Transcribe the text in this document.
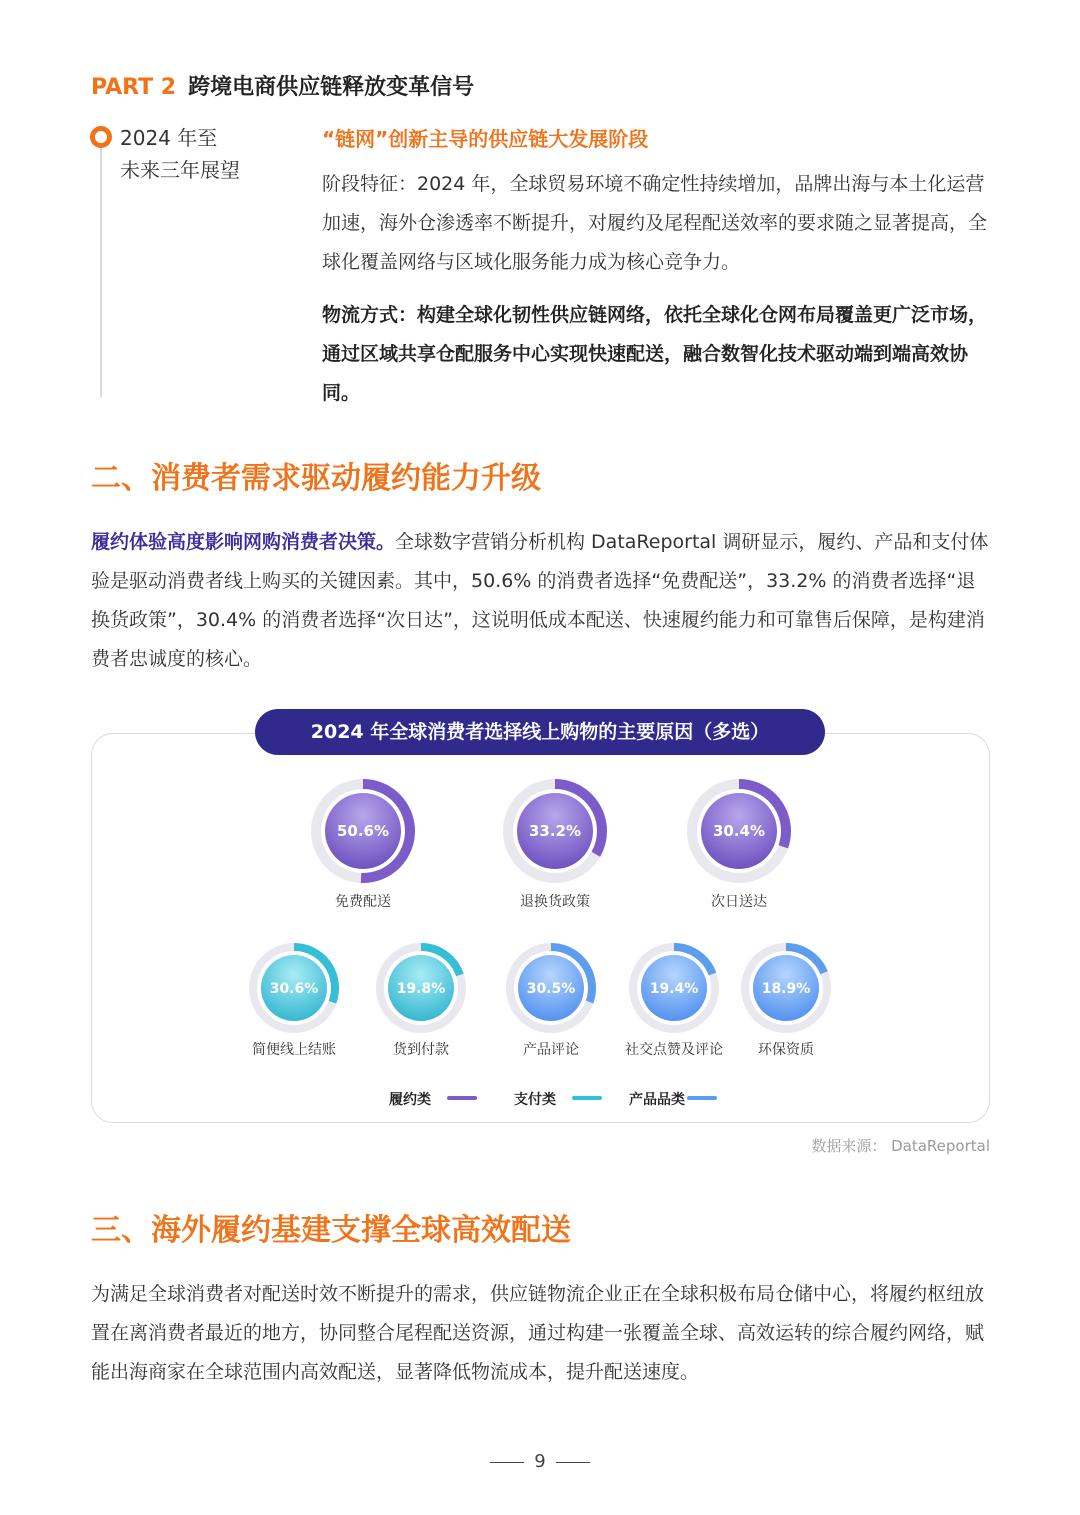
PART 2 跨境电商供应链释放变革信号
2024 年至
未来三年展望
“链网”创新主导的供应链大发展阶段
阶段特征：2024 年，全球贸易环境不确定性持续增加，品牌出海与本土化运营加速，海外仓渗透率不断提升，对履约及尾程配送效率的要求随之显著提高，全球化覆盖网络与区域化服务能力成为核心竞争力。
物流方式：构建全球化韧性供应链网络，依托全球化仓网布局覆盖更广泛市场，通过区域共享仓配服务中心实现快速配送，融合数智化技术驱动端到端高效协同。
二、消费者需求驱动履约能力升级
履约体验高度影响网购消费者决策。全球数字营销分析机构 DataReportal 调研显示，履约、产品和支付体验是驱动消费者线上购买的关键因素。其中，50.6% 的消费者选择“免费配送”，33.2% 的消费者选择“退换货政策”，30.4% 的消费者选择“次日达”，这说明低成本配送、快速履约能力和可靠售后保障，是构建消费者忠诚度的核心。
50.6%
免费配送
33.2%
退换货政策
30.4%
次日送达
30.6%
简便线上结账
19.8%
货到付款
30.5%
产品评论
19.4%
社交点赞及评论
18.9%
环保资质
履约类	支付类	产品品类
2024 年全球消费者选择线上购物的主要原因（多选）
数据来源： DataReportal
三、海外履约基建支撑全球高效配送
为满足全球消费者对配送时效不断提升的需求，供应链物流企业正在全球积极布局仓储中心，将履约枢纽放置在离消费者最近的地方，协同整合尾程配送资源，通过构建一张覆盖全球、高效运转的综合履约网络，赋能出海商家在全球范围内高效配送，显著降低物流成本，提升配送速度。
9
